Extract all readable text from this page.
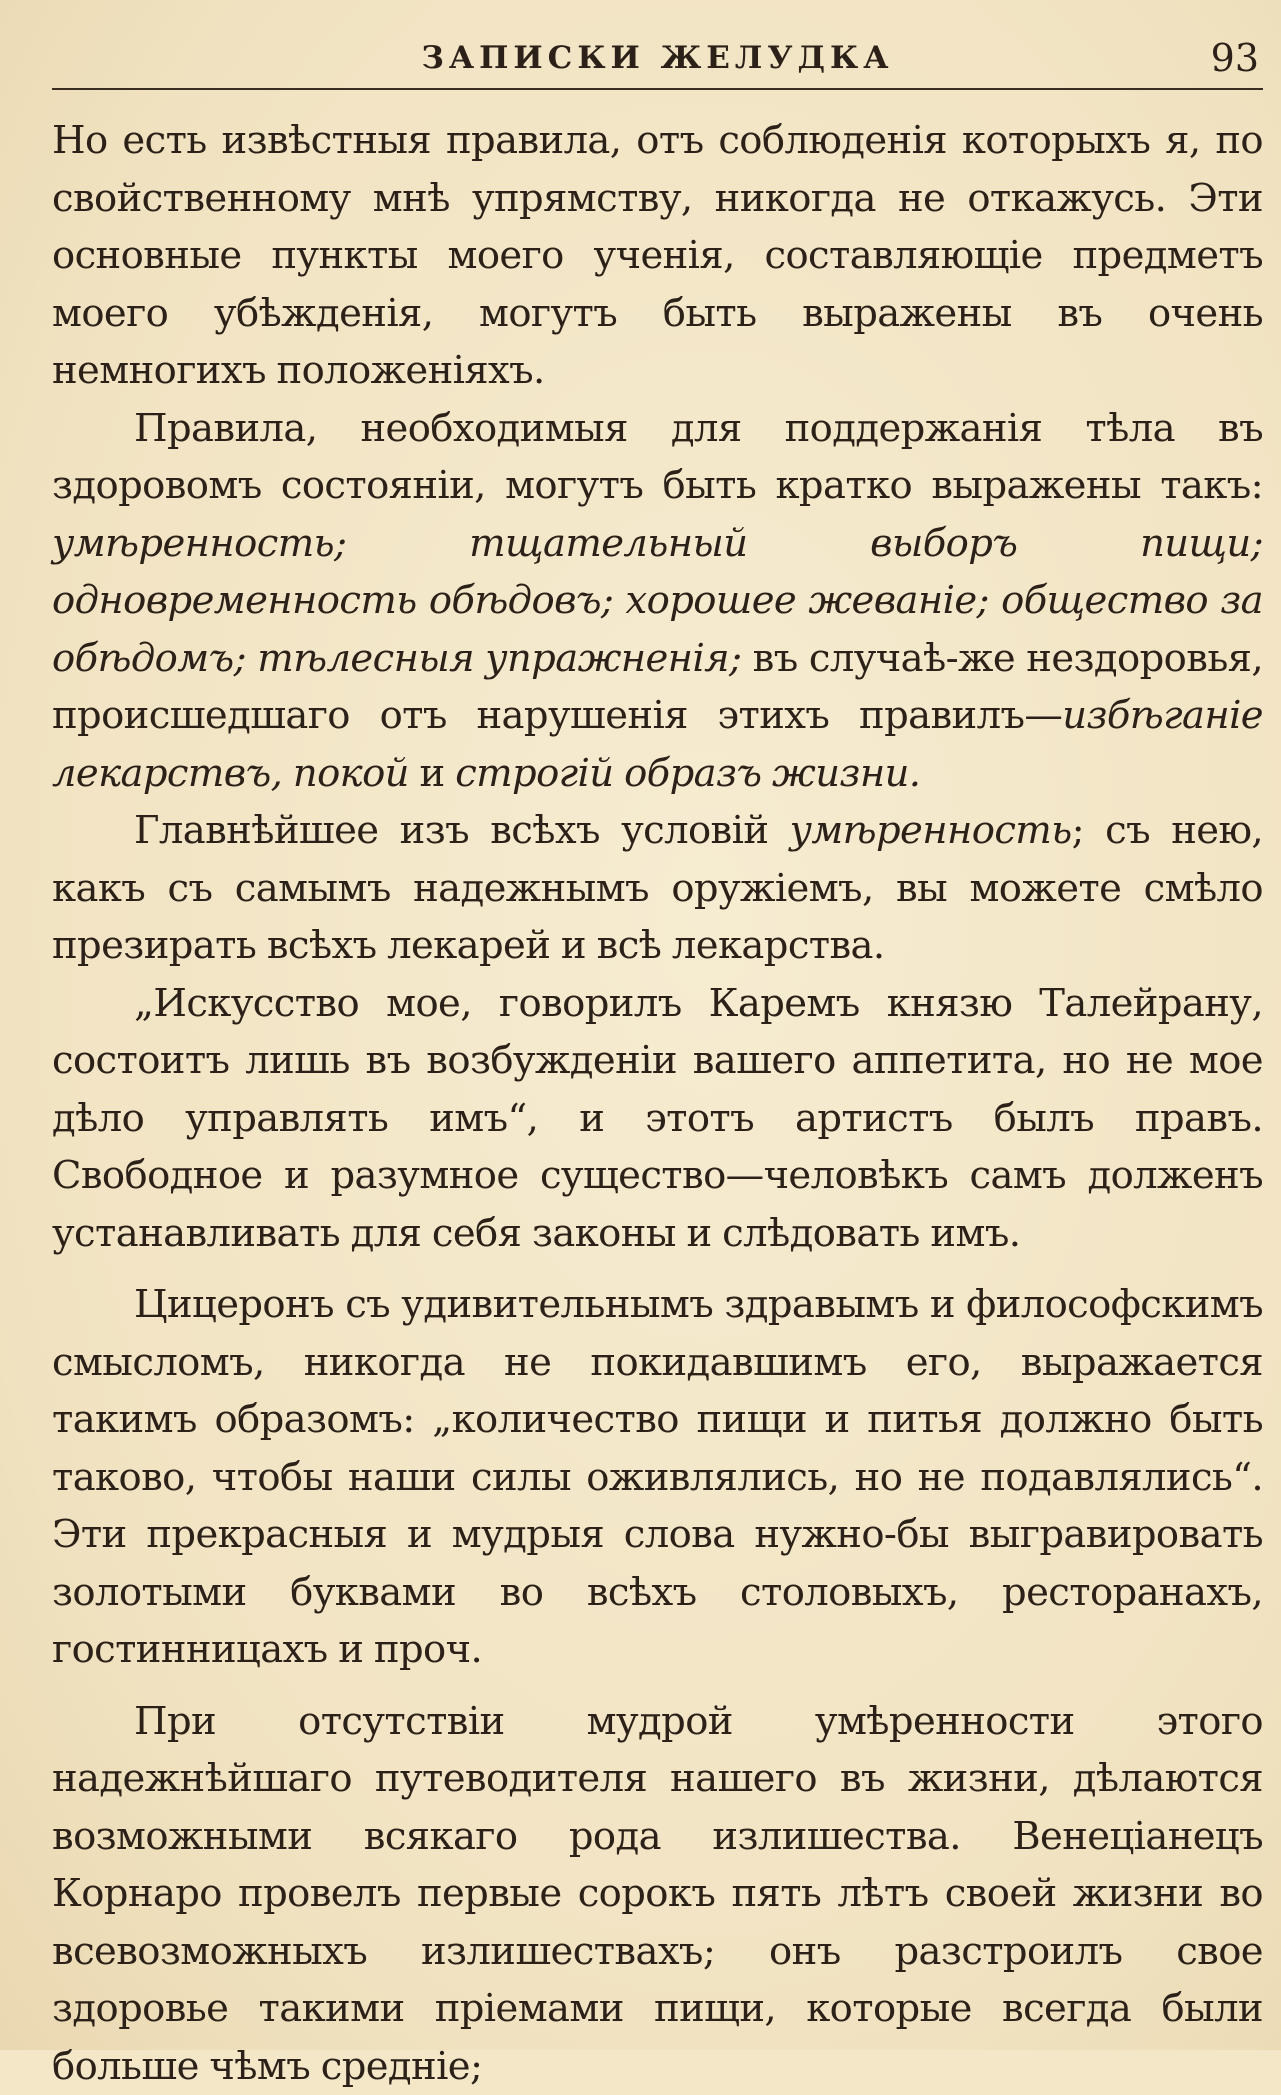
ЗАПИСКИ ЖЕЛУДКА	93

Но есть извѣстныя правила, отъ соблюденія которыхъ я, по свойственному мнѣ упрямству, никогда не откажусь. Эти основные пункты моего ученія, составляющіе предметъ моего убѣжденія, могутъ быть выражены въ очень немногихъ положеніяхъ.

Правила, необходимыя для поддержанія тѣла въ здоровомъ состояніи, могутъ быть кратко выражены такъ: умѣренность; тщательный выборъ пищи; одновременность обѣдовъ; хорошее жеваніе; общество за обѣдомъ; тѣлесныя упражненія; въ случаѣ-же нездоровья, происшедшаго отъ нарушенія этихъ правилъ—избѣганіе лекарствъ, покой и строгій образъ жизни.

Главнѣйшее изъ всѣхъ условій умѣренность; съ нею, какъ съ самымъ надежнымъ оружіемъ, вы можете смѣло презирать всѣхъ лекарей и всѣ лекарства.

„Искусство мое, говорилъ Каремъ князю Талейрану, состоитъ лишь въ возбужденіи вашего аппетита, но не мое дѣло управлять имъ“, и этотъ артистъ былъ правъ. Свободное и разумное существо—человѣкъ самъ долженъ устанавливать для себя законы и слѣдовать имъ.

Цицеронъ съ удивительнымъ здравымъ и философскимъ смысломъ, никогда не покидавшимъ его, выражается такимъ образомъ: „количество пищи и питья должно быть таково, чтобы наши силы оживлялись, но не подавлялись“. Эти прекрасныя и мудрыя слова нужно-бы выгравировать золотыми буквами во всѣхъ столовыхъ, ресторанахъ, гостинницахъ и проч.

При отсутствіи мудрой умѣренности этого надежнѣйшаго путеводителя нашего въ жизни, дѣлаются возможными всякаго рода излишества. Венеціанецъ Корнаро провелъ первые сорокъ пять лѣтъ своей жизни во всевозможныхъ излишествахъ; онъ разстроилъ свое здоровье такими пріемами пищи, которые всегда были больше чѣмъ средніе;
